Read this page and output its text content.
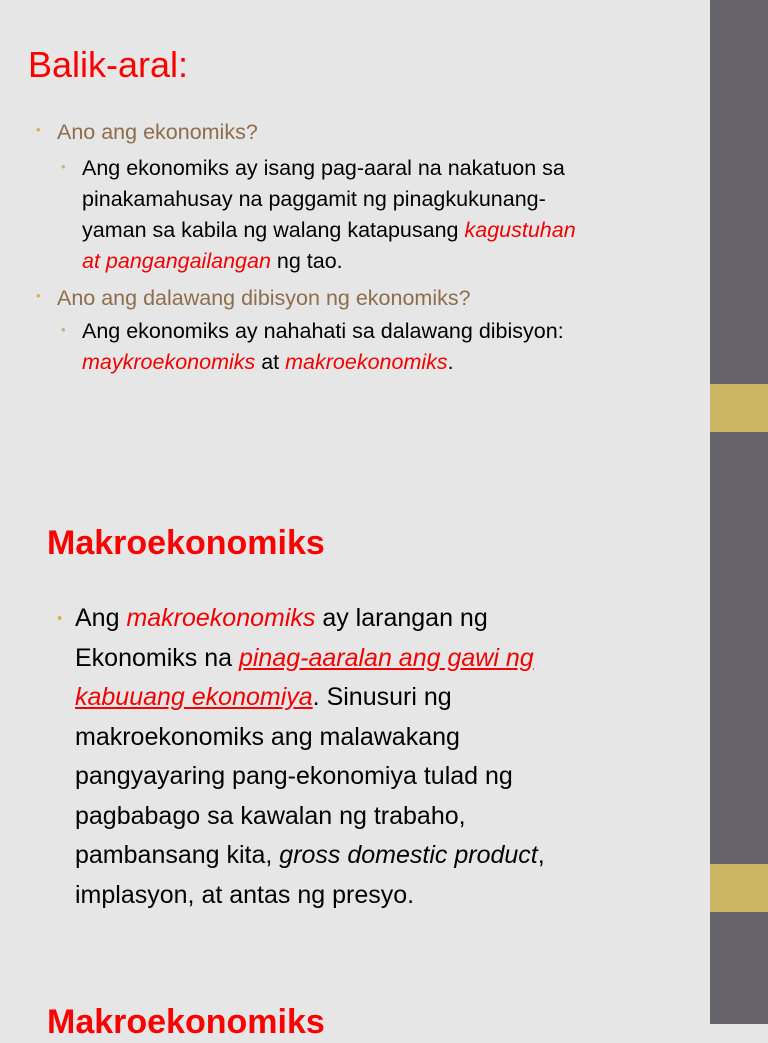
Balik-aral:
• Ano ang ekonomiks?
• Ang ekonomiks ay isang pag-aaral na nakatuon sa
pinakamahusay na paggamit ng pinagkukunang-
yaman sa kabila ng walang katapusang kagustuhan
at pangangailangan ng tao.
• Ano ang dalawang dibisyon ng ekonomiks?
• Ang ekonomiks ay nahahati sa dalawang dibisyon:
maykroekonomiks at makroekonomiks.
Makroekonomiks
• Ang makroekonomiks ay larangan ng
Ekonomiks na pinag-aaralan ang gawi ng
kabuuang ekonomiya. Sinusuri ng
makroekonomiks ang malawakang
pangyayaring pang-ekonomiya tulad ng
pagbabago sa kawalan ng trabaho,
pambansang kita, gross domestic product,
implasyon, at antas ng presyo.
Makroekonomiks
